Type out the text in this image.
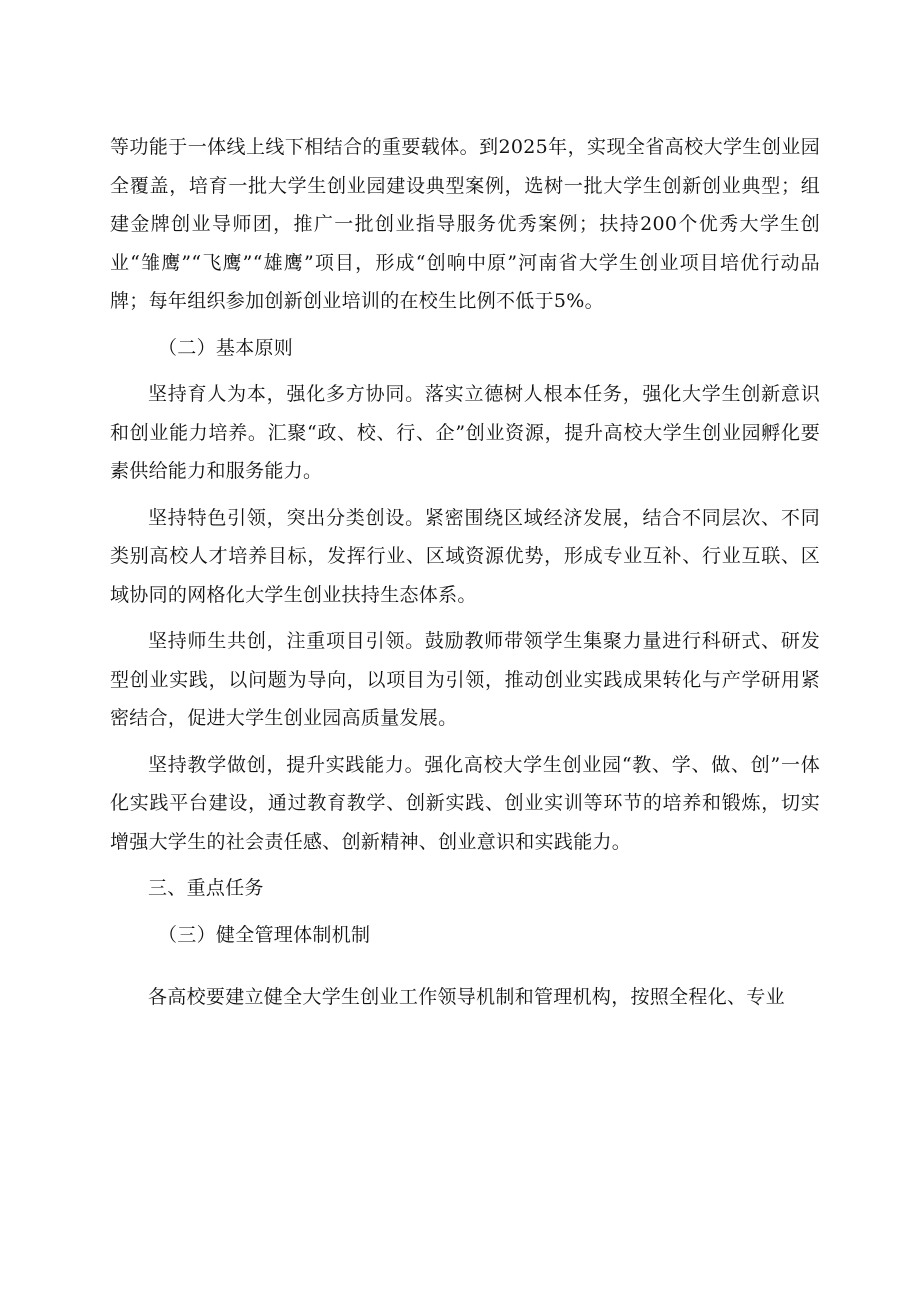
等功能于一体线上线下相结合的重要载体。到2025年，实现全省高校大学生创业园全覆盖，培育一批大学生创业园建设典型案例，选树一批大学生创新创业典型；组建金牌创业导师团，推广一批创业指导服务优秀案例；扶持200个优秀大学生创业“雏鹰”“飞鹰”“雄鹰”项目，形成“创响中原”河南省大学生创业项目培优行动品牌；每年组织参加创新创业培训的在校生比例不低于5%。

（二）基本原则

坚持育人为本，强化多方协同。落实立德树人根本任务，强化大学生创新意识和创业能力培养。汇聚“政、校、行、企”创业资源，提升高校大学生创业园孵化要素供给能力和服务能力。

坚持特色引领，突出分类创设。紧密围绕区域经济发展，结合不同层次、不同类别高校人才培养目标，发挥行业、区域资源优势，形成专业互补、行业互联、区域协同的网格化大学生创业扶持生态体系。

坚持师生共创，注重项目引领。鼓励教师带领学生集聚力量进行科研式、研发型创业实践，以问题为导向，以项目为引领，推动创业实践成果转化与产学研用紧密结合，促进大学生创业园高质量发展。

坚持教学做创，提升实践能力。强化高校大学生创业园“教、学、做、创”一体化实践平台建设，通过教育教学、创新实践、创业实训等环节的培养和锻炼，切实增强大学生的社会责任感、创新精神、创业意识和实践能力。

三、重点任务

（三）健全管理体制机制

各高校要建立健全大学生创业工作领导机制和管理机构，按照全程化、专业
